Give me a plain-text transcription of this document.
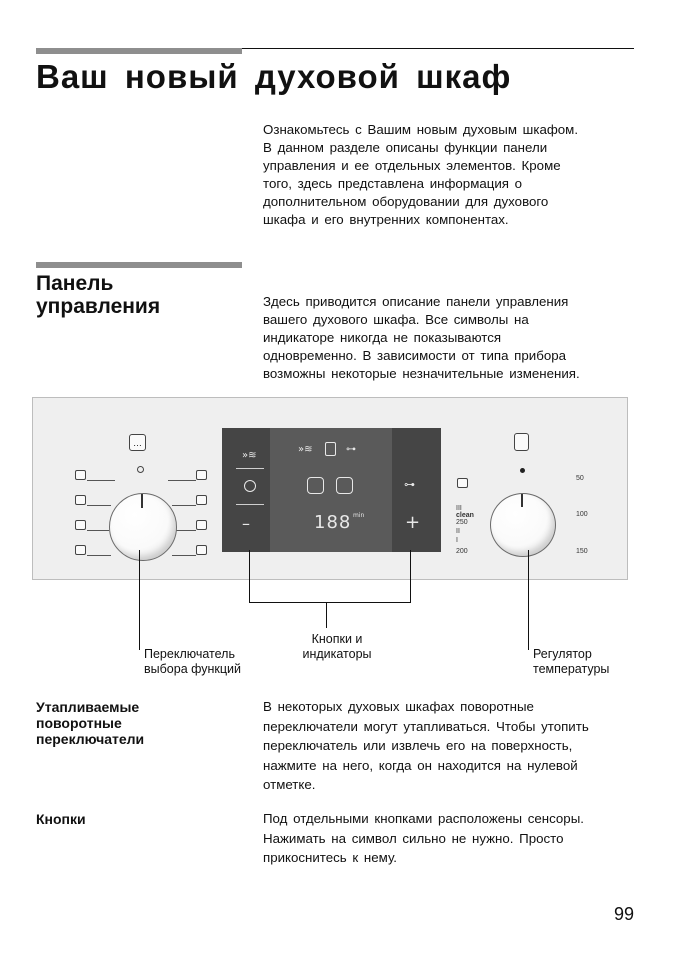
Ваш новый духовой шкаф

Ознакомьтесь с Вашим новым духовым шкафом.
В данном разделе описаны функции панели
управления и ее отдельных элементов. Кроме
того, здесь представлена информация о
дополнительном оборудовании для духового
шкафа и его внутренних компонентах.

Панель
управления	Здесь приводится описание панели управления
вашего духового шкафа. Все символы на
индикаторе никогда не показываются
одновременно. В зависимости от типа прибора
возможны некоторые незначительные изменения.

…
»≋	⊶
188 min
»≋
–
⊶
+
III
clean
250
II
I
200
50
100
150
Переключатель
выбора функций
Кнопки и
индикаторы	Регулятор
температуры
Утапливаемые
поворотные
переключатели

В некоторых духовых шкафах поворотные
переключатели могут утапливаться. Чтобы утопить
переключатель или извлечь его на поверхность,
нажмите на него, когда он находится на нулевой
отметке.

Кнопки	Под отдельными кнопками расположены сенсоры.
Нажимать на символ сильно не нужно. Просто
прикоснитесь к нему.

99
